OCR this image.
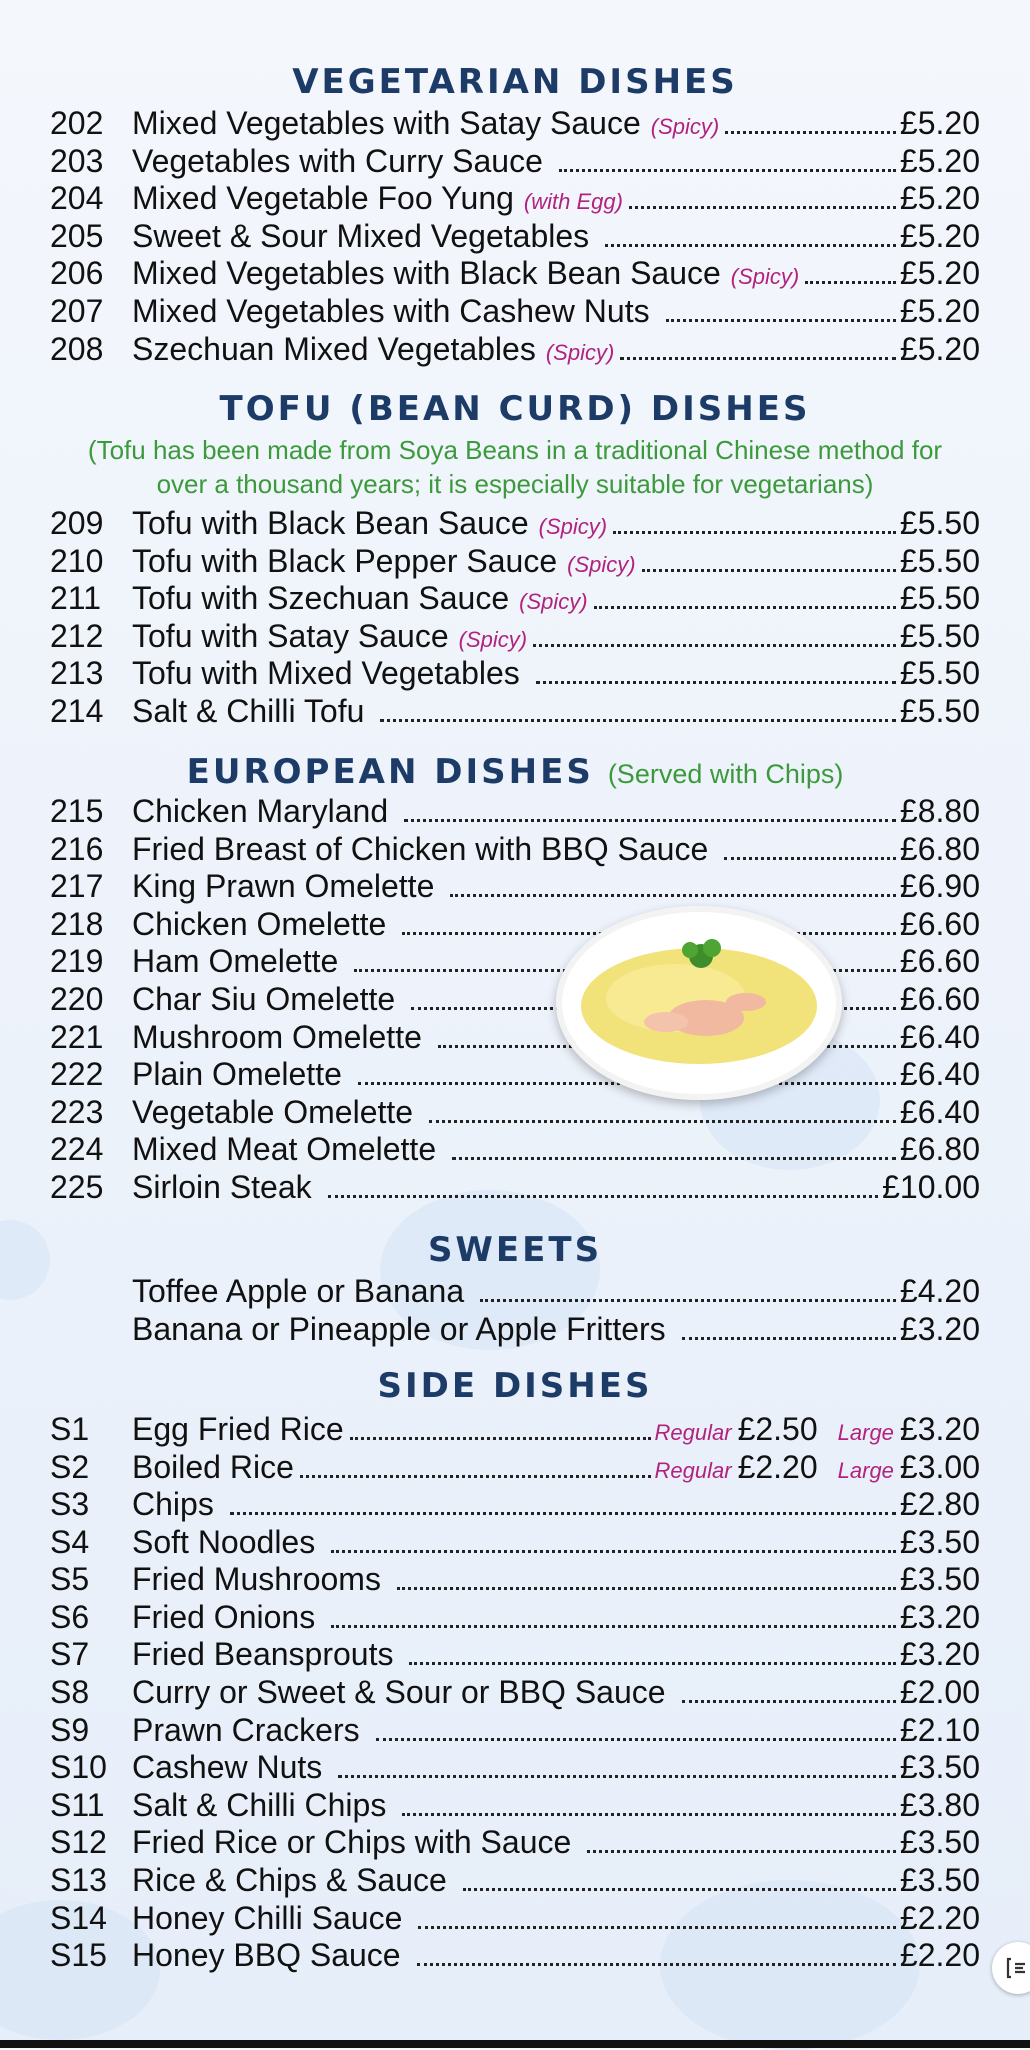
VEGETARIAN DISHES
202 Mixed Vegetables with Satay Sauce (Spicy)	£5.20
203 Vegetables with Curry Sauce	£5.20
204 Mixed Vegetable Foo Yung (with Egg)	£5.20
205 Sweet & Sour Mixed Vegetables	£5.20
206 Mixed Vegetables with Black Bean Sauce (Spicy)	£5.20
207 Mixed Vegetables with Cashew Nuts	£5.20
208 Szechuan Mixed Vegetables (Spicy)	£5.20
TOFU (BEAN CURD) DISHES
(Tofu has been made from Soya Beans in a traditional Chinese method for
over a thousand years; it is especially suitable for vegetarians)
209 Tofu with Black Bean Sauce (Spicy)	£5.50
210 Tofu with Black Pepper Sauce (Spicy)	£5.50
211 Tofu with Szechuan Sauce (Spicy)	£5.50
212 Tofu with Satay Sauce (Spicy)	£5.50
213 Tofu with Mixed Vegetables	£5.50
214 Salt & Chilli Tofu	£5.50
EUROPEAN DISHES (Served with Chips)
215 Chicken Maryland	£8.80
216 Fried Breast of Chicken with BBQ Sauce	£6.80
217 King Prawn Omelette	£6.90
218 Chicken Omelette	£6.60
219 Ham Omelette	£6.60
220 Char Siu Omelette	£6.60
221 Mushroom Omelette	£6.40
222 Plain Omelette	£6.40
223 Vegetable Omelette	£6.40
224 Mixed Meat Omelette	£6.80
225 Sirloin Steak	£10.00
SWEETS
Toffee Apple or Banana	£4.20
Banana or Pineapple or Apple Fritters	£3.20
SIDE DISHES
S1 Egg Fried Rice	Regular £2.50 Large £3.20
S2 Boiled Rice	Regular £2.20 Large £3.00
S3 Chips	£2.80
S4 Soft Noodles	£3.50
S5 Fried Mushrooms	£3.50
S6 Fried Onions	£3.20
S7 Fried Beansprouts	£3.20
S8 Curry or Sweet & Sour or BBQ Sauce	£2.00
S9 Prawn Crackers	£2.10
S10 Cashew Nuts	£3.50
S11 Salt & Chilli Chips	£3.80
S12 Fried Rice or Chips with Sauce	£3.50
S13 Rice & Chips & Sauce	£3.50
S14 Honey Chilli Sauce	£2.20
S15 Honey BBQ Sauce	£2.20
